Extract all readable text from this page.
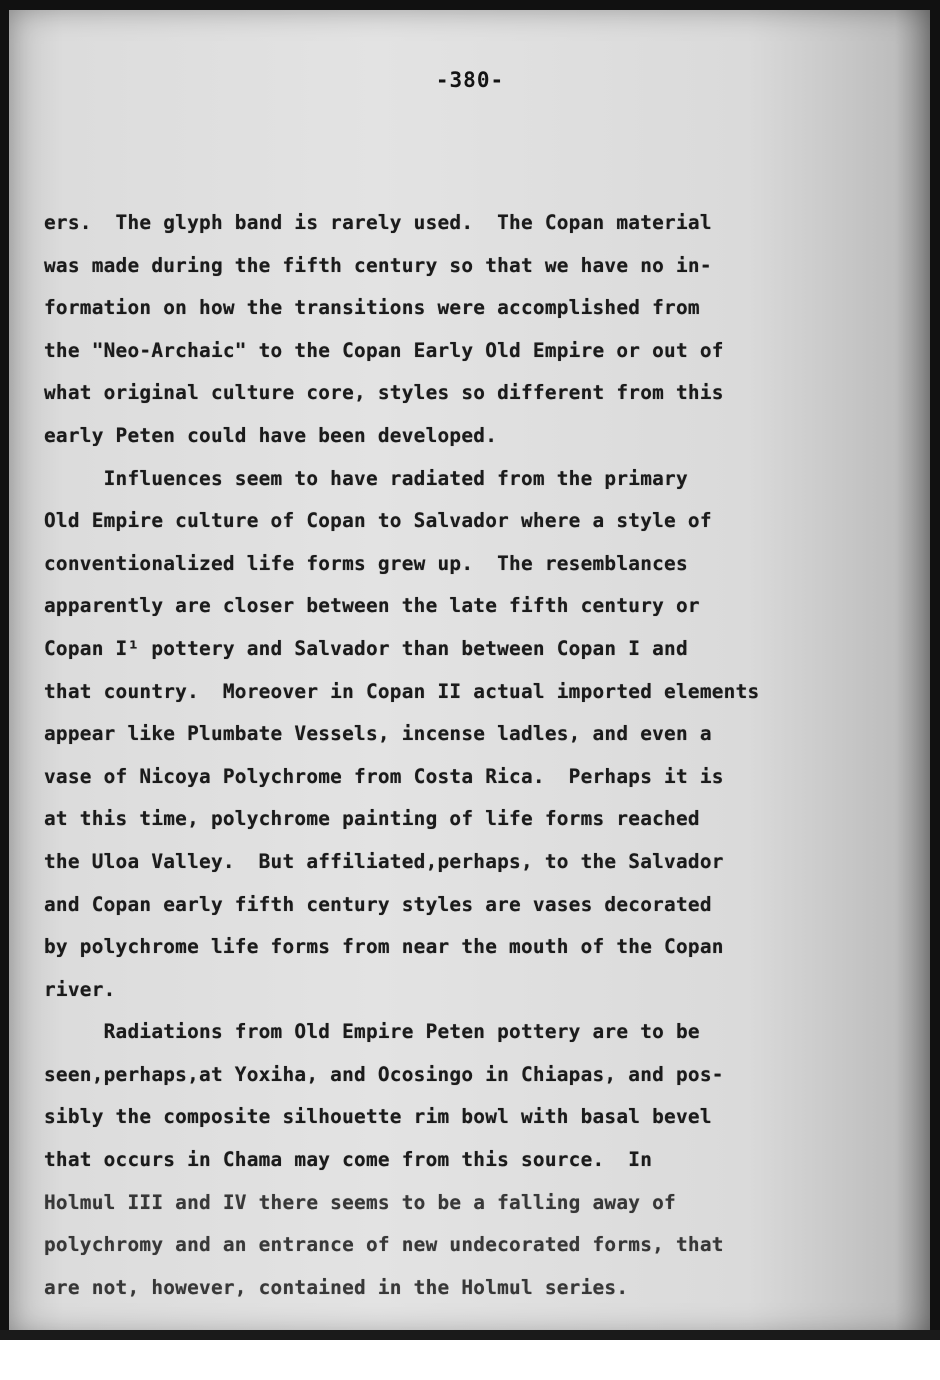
-380-
ers.  The glyph band is rarely used.  The Copan material
was made during the fifth century so that we have no in-
formation on how the transitions were accomplished from
the "Neo-Archaic" to the Copan Early Old Empire or out of
what original culture core, styles so different from this
early Peten could have been developed.
Influences seem to have radiated from the primary
Old Empire culture of Copan to Salvador where a style of
conventionalized life forms grew up.  The resemblances
apparently are closer between the late fifth century or
Copan I¹ pottery and Salvador than between Copan I and
that country.  Moreover in Copan II actual imported elements
appear like Plumbate Vessels, incense ladles, and even a
vase of Nicoya Polychrome from Costa Rica.  Perhaps it is
at this time, polychrome painting of life forms reached
the Uloa Valley.  But affiliated,perhaps, to the Salvador
and Copan early fifth century styles are vases decorated
by polychrome life forms from near the mouth of the Copan
river.
Radiations from Old Empire Peten pottery are to be
seen,perhaps,at Yoxiha, and Ocosingo in Chiapas, and pos-
sibly the composite silhouette rim bowl with basal bevel
that occurs in Chama may come from this source.  In
Holmul III and IV there seems to be a falling away of
polychromy and an entrance of new undecorated forms, that
are not, however, contained in the Holmul series.
